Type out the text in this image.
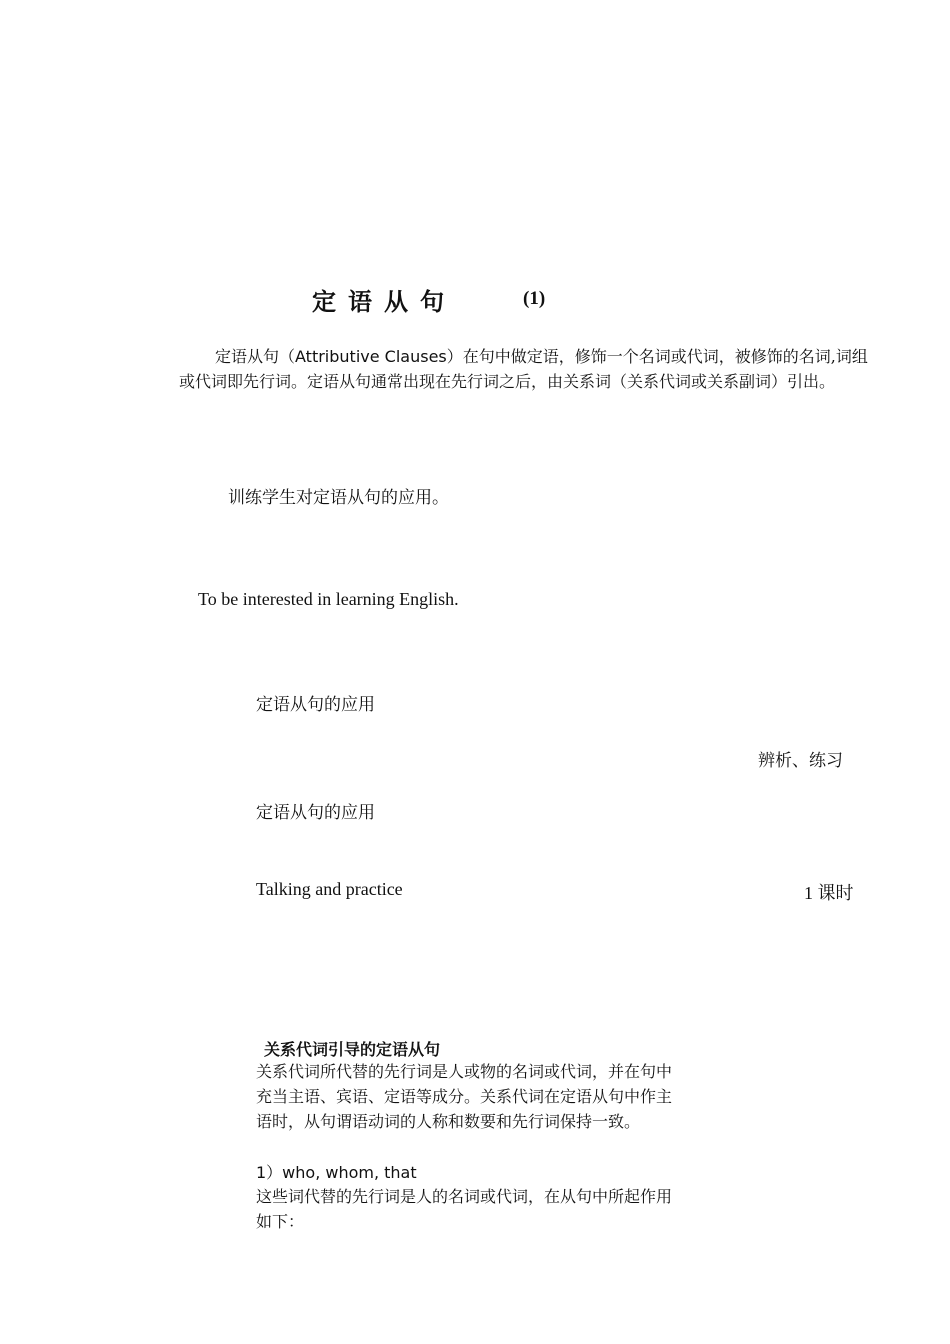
定语从句	(1)
定语从句（Attributive Clauses）在句中做定语，修饰一个名词或代词，被修饰的名词,词组或代词即先行词。定语从句通常出现在先行词之后，由关系词（关系代词或关系副词）引出。
训练学生对定语从句的应用。
To be interested in learning English.
定语从句的应用
辨析、练习
定语从句的应用
Talking and practice	1 课时
关系代词引导的定语从句
关系代词所代替的先行词是人或物的名词或代词，并在句中充当主语、宾语、定语等成分。关系代词在定语从句中作主语时，从句谓语动词的人称和数要和先行词保持一致。
1）who, whom, that
这些词代替的先行词是人的名词或代词，在从句中所起作用如下：
